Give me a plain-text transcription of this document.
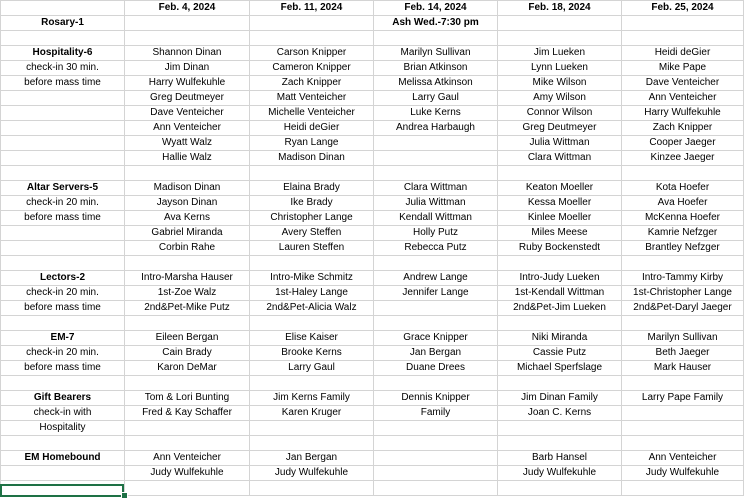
	Feb. 4, 2024	Feb. 11, 2024	Feb. 14, 2024	Feb. 18, 2024	Feb. 25, 2024
Rosary-1			Ash Wed.-7:30 pm		

Hospitality-6	Shannon Dinan	Carson Knipper	Marilyn Sullivan	Jim Lueken	Heidi deGier
check-in 30 min.	Jim Dinan	Cameron Knipper	Brian Atkinson	Lynn Lueken	Mike Pape
before mass time	Harry Wulfekuhle	Zach Knipper	Melissa Atkinson	Mike Wilson	Dave Venteicher
	Greg Deutmeyer	Matt Venteicher	Larry Gaul	Amy Wilson	Ann Venteicher
	Dave Venteicher	Michelle Venteicher	Luke Kerns	Connor Wilson	Harry Wulfekuhle
	Ann Venteicher	Heidi deGier	Andrea Harbaugh	Greg Deutmeyer	Zach Knipper
	Wyatt Walz	Ryan Lange		Julia Wittman	Cooper Jaeger
	Hallie Walz	Madison Dinan		Clara Wittman	Kinzee Jaeger

Altar Servers-5	Madison Dinan	Elaina Brady	Clara Wittman	Keaton Moeller	Kota Hoefer
check-in 20 min.	Jayson Dinan	Ike Brady	Julia Wittman	Kessa Moeller	Ava Hoefer
before mass time	Ava Kerns	Christopher Lange	Kendall Wittman	Kinlee Moeller	McKenna Hoefer
	Gabriel Miranda	Avery Steffen	Holly Putz	Miles Meese	Kamrie Nefzger
	Corbin Rahe	Lauren Steffen	Rebecca Putz	Ruby Bockenstedt	Brantley Nefzger

Lectors-2	Intro-Marsha Hauser	Intro-Mike Schmitz	Andrew Lange	Intro-Judy Lueken	Intro-Tammy Kirby
check-in 20 min.	1st-Zoe Walz	1st-Haley Lange	Jennifer Lange	1st-Kendall Wittman	1st-Christopher Lange
before mass time	2nd&Pet-Mike Putz	2nd&Pet-Alicia Walz		2nd&Pet-Jim Lueken	2nd&Pet-Daryl Jaeger

EM-7	Eileen Bergan	Elise Kaiser	Grace Knipper	Niki Miranda	Marilyn Sullivan
check-in 20 min.	Cain Brady	Brooke Kerns	Jan Bergan	Cassie Putz	Beth Jaeger
before mass time	Karon DeMar	Larry Gaul	Duane Drees	Michael Sperfslage	Mark Hauser

Gift Bearers	Tom & Lori Bunting	Jim Kerns Family	Dennis Knipper	Jim Dinan Family	Larry Pape Family
check-in with	Fred & Kay Schaffer	Karen Kruger	Family	Joan C. Kerns	
Hospitality					

EM Homebound	Ann Venteicher	Jan Bergan		Barb Hansel	Ann Venteicher
	Judy Wulfekuhle	Judy Wulfekuhle		Judy Wulfekuhle	Judy Wulfekuhle
